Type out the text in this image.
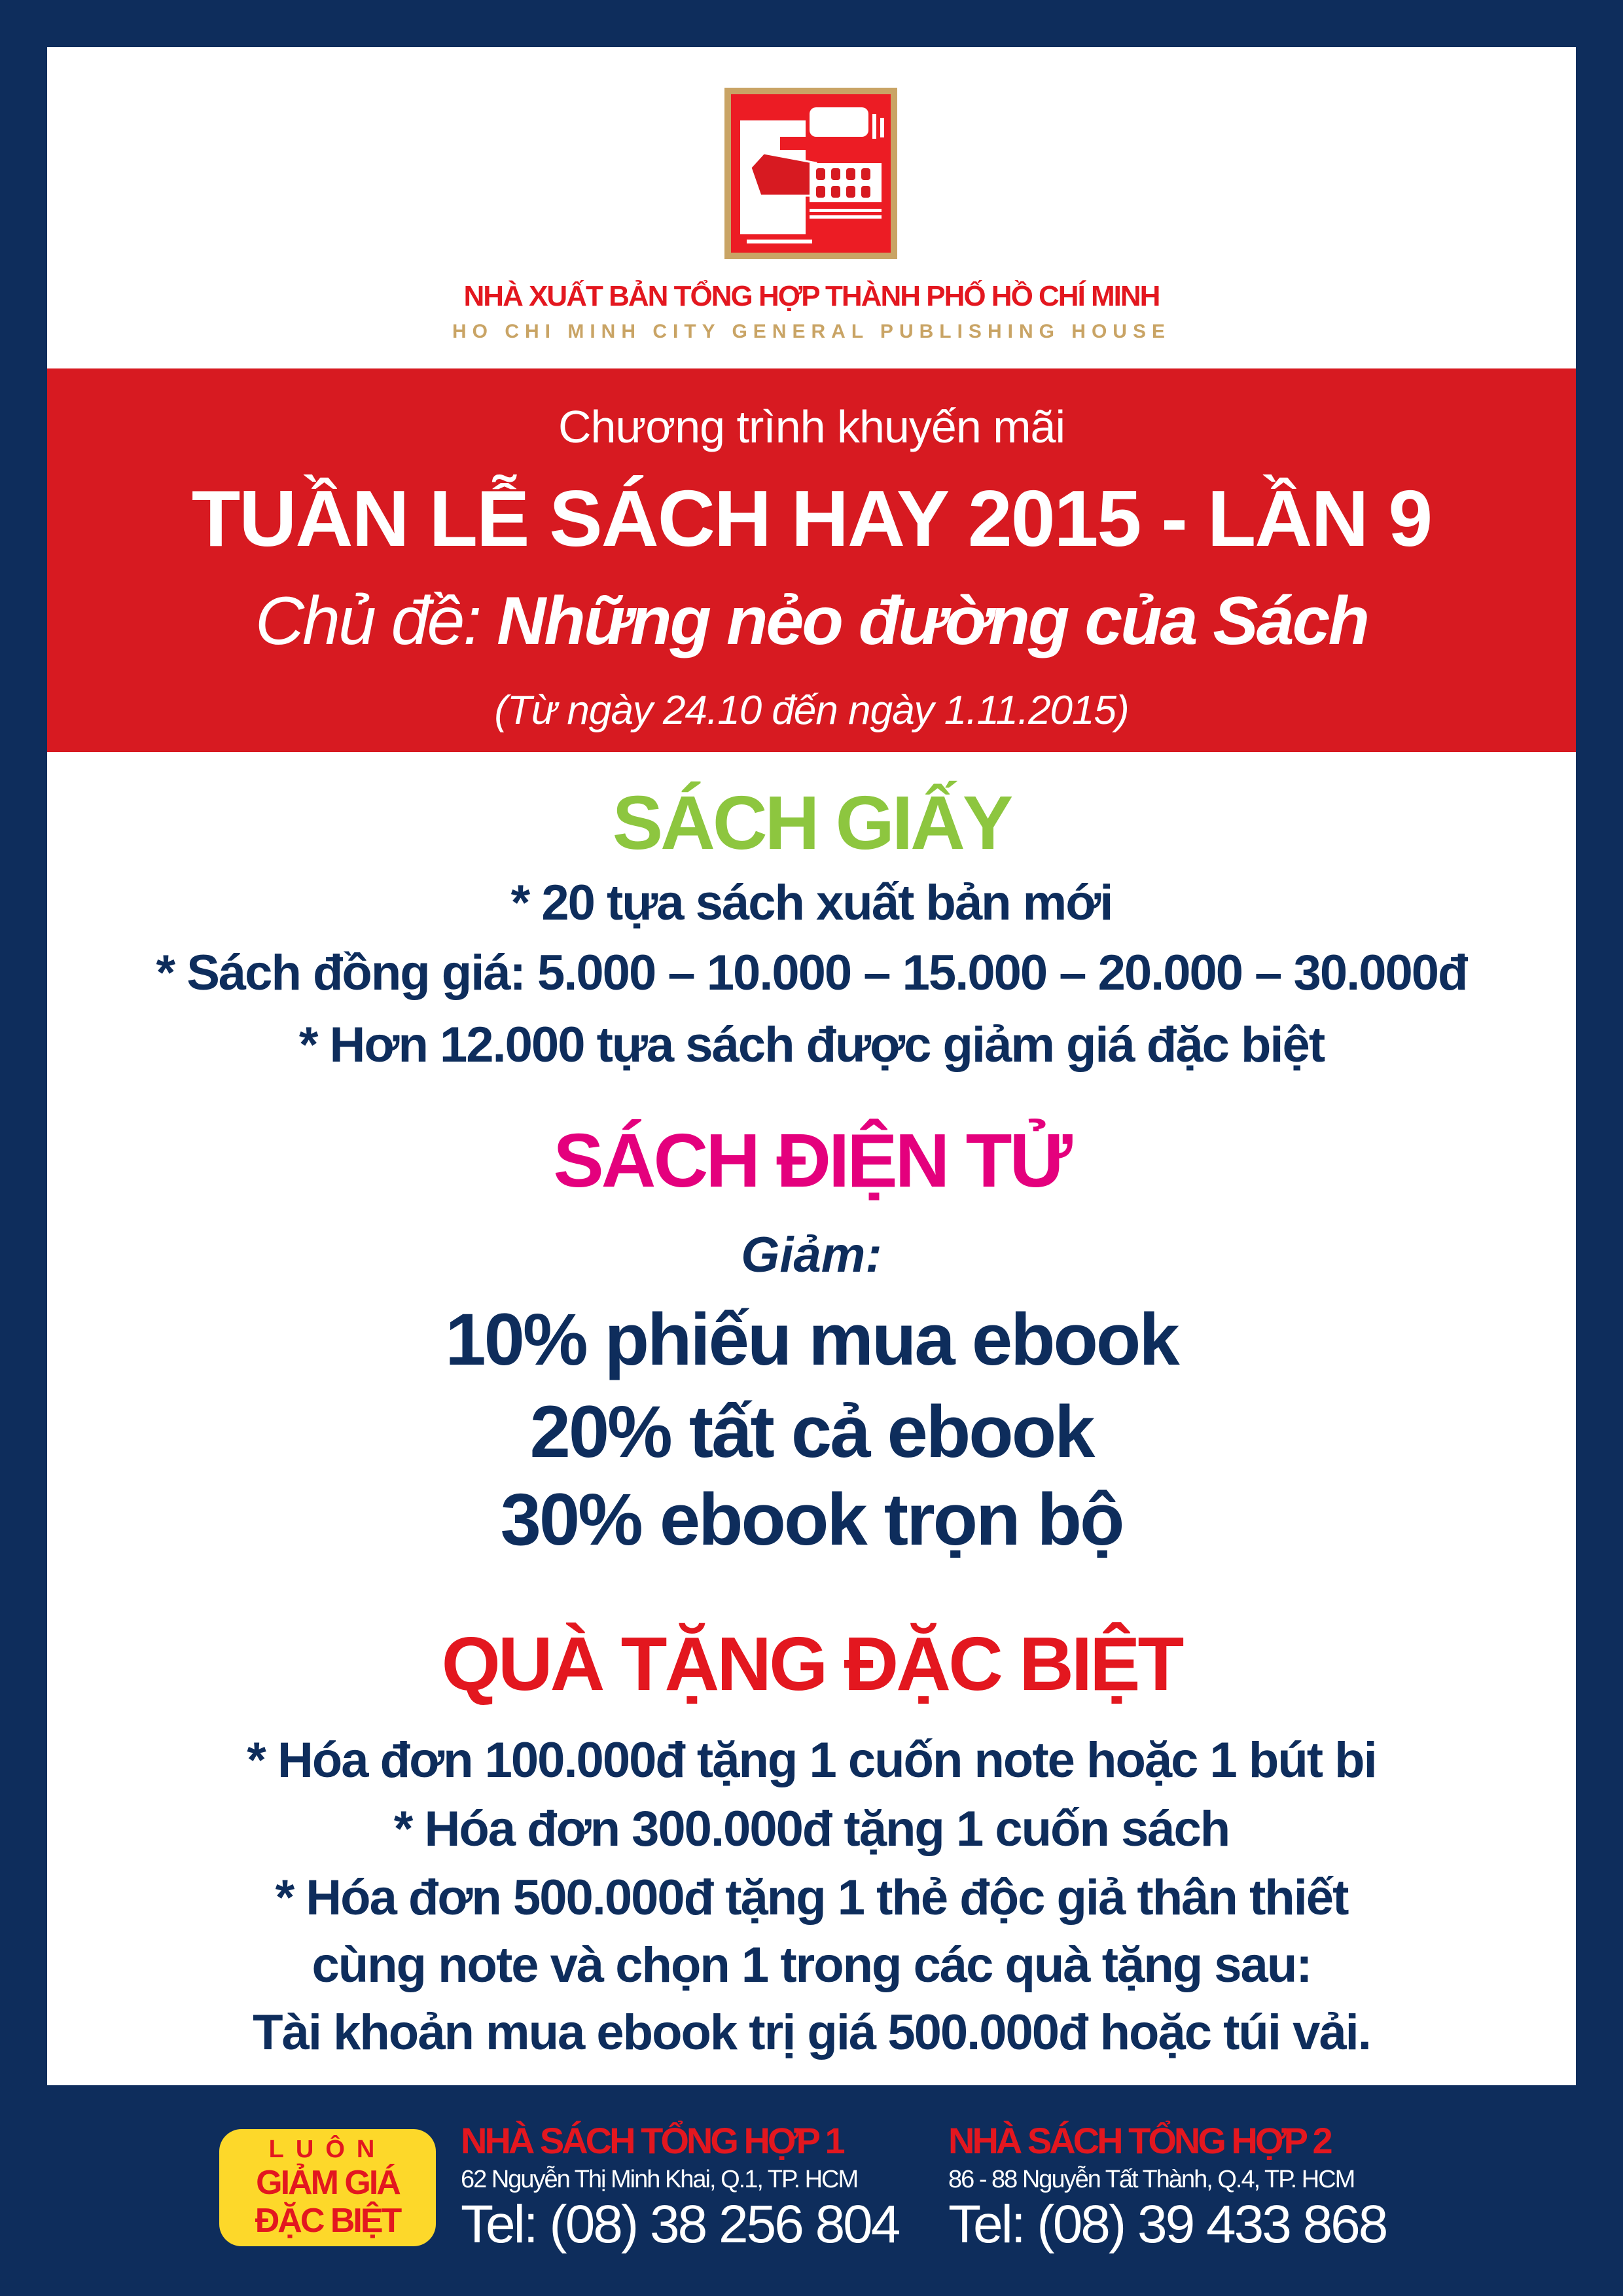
NHÀ XUẤT BẢN TỔNG HỢP THÀNH PHỐ HỒ CHÍ MINH
HO CHI MINH CITY GENERAL PUBLISHING HOUSE
Chương trình khuyến mãi
TUẦN LỄ SÁCH HAY 2015 - LẦN 9
Chủ đề: Những nẻo đường của Sách
(Từ ngày 24.10 đến ngày 1.11.2015)
SÁCH GIẤY
* 20 tựa sách xuất bản mới
* Sách đồng giá: 5.000 – 10.000 – 15.000 – 20.000 – 30.000đ
* Hơn 12.000 tựa sách được giảm giá đặc biệt
SÁCH ĐIỆN TỬ
Giảm:
10% phiếu mua ebook
20% tất cả ebook
30% ebook trọn bộ
QUÀ TẶNG ĐẶC BIỆT
* Hóa đơn 100.000đ tặng 1 cuốn note hoặc 1 bút bi
* Hóa đơn 300.000đ tặng 1 cuốn sách
* Hóa đơn 500.000đ tặng 1 thẻ độc giả thân thiết
cùng note và chọn 1 trong các quà tặng sau:
Tài khoản mua ebook trị giá 500.000đ hoặc túi vải.
LUÔN
GIẢM GIÁ
ĐẶC BIỆT
NHÀ SÁCH TỔNG HỢP 1
62 Nguyễn Thị Minh Khai, Q.1, TP. HCM
Tel: (08) 38 256 804
NHÀ SÁCH TỔNG HỢP 2
86 - 88 Nguyễn Tất Thành, Q.4, TP. HCM
Tel: (08) 39 433 868
